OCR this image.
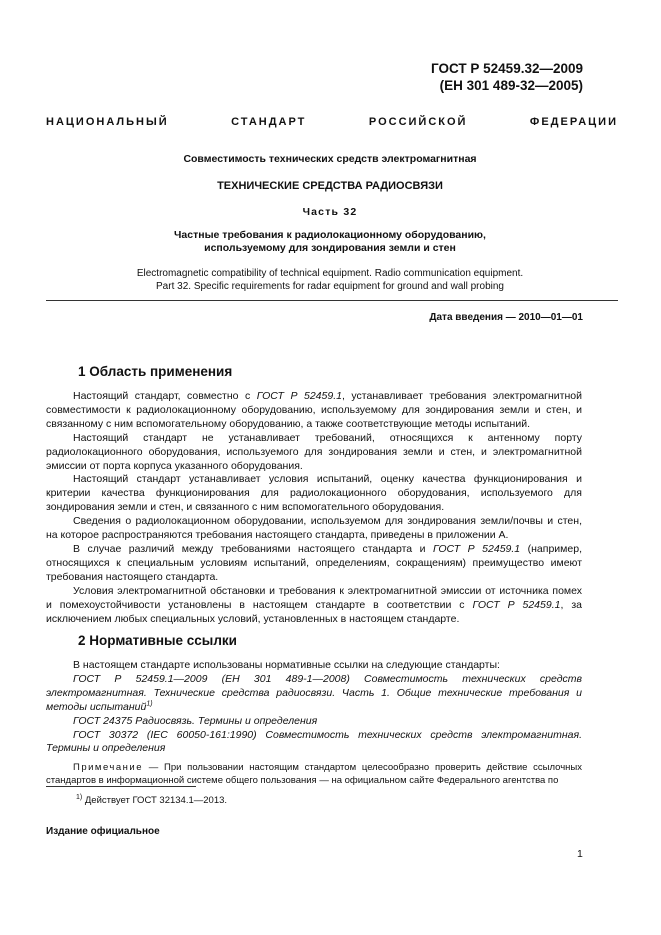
ГОСТ Р 52459.32—2009
(ЕН 301 489-32—2005)
НАЦИОНАЛЬНЫЙ СТАНДАРТ РОССИЙСКОЙ ФЕДЕРАЦИИ
Совместимость технических средств электромагнитная
ТЕХНИЧЕСКИЕ СРЕДСТВА РАДИОСВЯЗИ
Часть 32
Частные требования к радиолокационному оборудованию,
используемому для зондирования земли и стен
Electromagnetic compatibility of technical equipment. Radio communication equipment.
Part 32. Specific requirements for radar equipment for ground and wall probing
Дата введения — 2010—01—01
1 Область применения

Настоящий стандарт, совместно с ГОСТ Р 52459.1, устанавливает требования электромагнитной совместимости к радиолокационному оборудованию, используемому для зондирования земли и стен, и связанному с ним вспомогательному оборудованию, а также соответствующие методы испытаний.

Настоящий стандарт не устанавливает требований, относящихся к антенному порту радиолокационного оборудования, используемого для зондирования земли и стен, и электромагнитной эмиссии от порта корпуса указанного оборудования.

Настоящий стандарт устанавливает условия испытаний, оценку качества функционирования и критерии качества функционирования для радиолокационного оборудования, используемого для зондирования земли и стен, и связанного с ним вспомогательного оборудования.

Сведения о радиолокационном оборудовании, используемом для зондирования земли/почвы и стен, на которое распространяются требования настоящего стандарта, приведены в приложении А.

В случае различий между требованиями настоящего стандарта и ГОСТ Р 52459.1 (например, относящихся к специальным условиям испытаний, определениям, сокращениям) преимущество имеют требования настоящего стандарта.

Условия электромагнитной обстановки и требования к электромагнитной эмиссии от источника помех и помехоустойчивости установлены в настоящем стандарте в соответствии с ГОСТ Р 52459.1, за исключением любых специальных условий, установленных в настоящем стандарте.

2 Нормативные ссылки

В настоящем стандарте использованы нормативные ссылки на следующие стандарты:

ГОСТ Р 52459.1—2009 (ЕН 301 489-1—2008) Совместимость технических средств электромагнитная. Технические средства радиосвязи. Часть 1. Общие технические требования и методы испытаний$^{1)}$

ГОСТ 24375 Радиосвязь. Термины и определения

ГОСТ 30372 (IEC 60050-161:1990) Совместимость технических средств электромагнитная. Термины и определения

Примечание — При пользовании настоящим стандартом целесообразно проверить действие ссылочных стандартов в информационной системе общего пользования — на официальном сайте Федерального агентства по

$^{1)}$ Действует ГОСТ 32134.1—2013.
Издание официальное
1
